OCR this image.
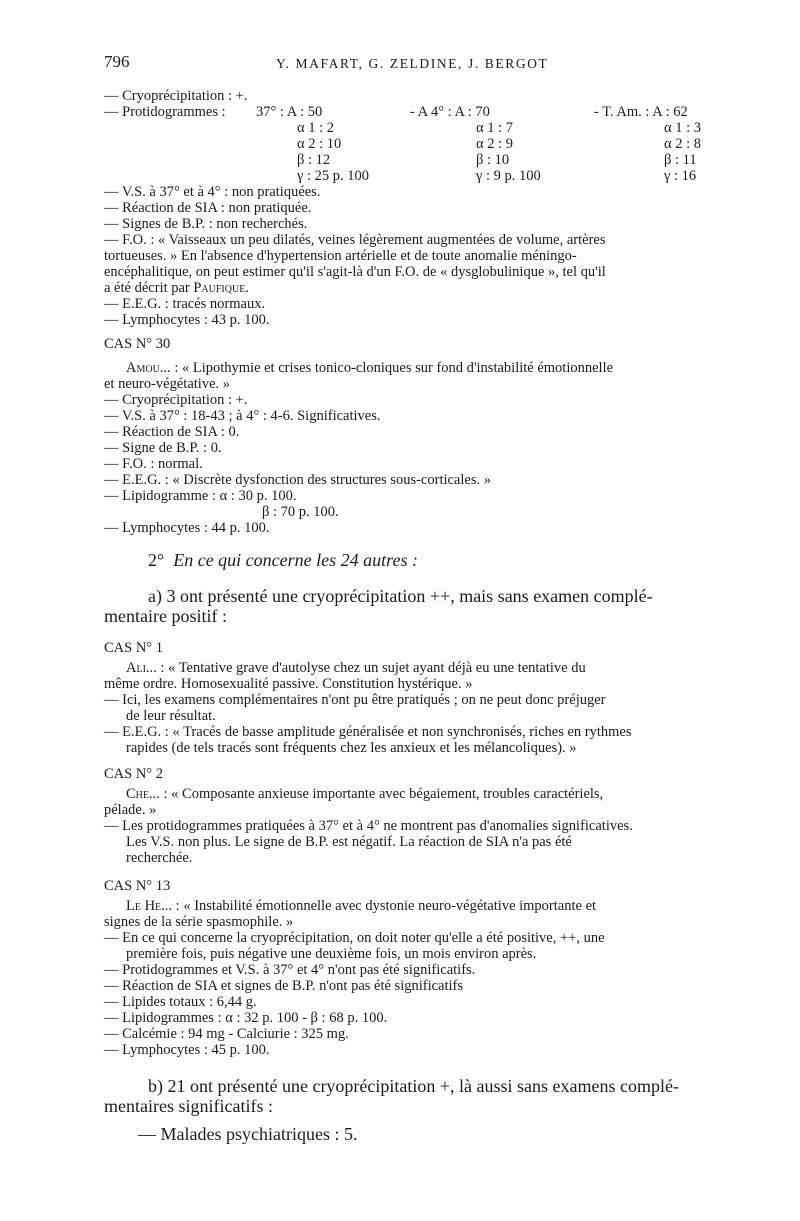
796	Y. MAFART, G. ZELDINE, J. BERGOT
— Cryoprécipitation : +.
— Protidogrammes : 37° : A : 50
α 1 : 2
α 2 : 10
β : 12
γ : 25 p. 100
- A 4° : A : 70
α 1 : 7
α 2 : 9
β : 10
γ : 9 p. 100
- T. Am. : A : 62
α 1 : 3
α 2 : 8
β : 11
γ : 16
— V.S. à 37° et à 4° : non pratiquées.
— Réaction de SIA : non pratiquée.
— Signes de B.P. : non recherchés.
— F.O. : « Vaisseaux un peu dilatés, veines légèrement augmentées de volume, artères
tortueuses. » En l'absence d'hypertension artérielle et de toute anomalie méningo-
encéphalitique, on peut estimer qu'il s'agit-là d'un F.O. de « dysglobulinique », tel qu'il
a été décrit par Paufique.
— E.E.G. : tracés normaux.
— Lymphocytes : 43 p. 100.
CAS N° 30
Amou... : « Lipothymie et crises tonico-cloniques sur fond d'instabilité émotionnelle
et neuro-végétative. »
— Cryoprécipitation : +.
— V.S. à 37° : 18-43 ; à 4° : 4-6. Significatives.
— Réaction de SIA : 0.
— Signe de B.P. : 0.
— F.O. : normal.
— E.E.G. : « Discrète dysfonction des structures sous-corticales. »
— Lipidogramme : α : 30 p. 100.
β : 70 p. 100.
— Lymphocytes : 44 p. 100.
2° En ce qui concerne les 24 autres :
a) 3 ont présenté une cryoprécipitation ++, mais sans examen complé-
mentaire positif :
CAS N° 1
Ali... : « Tentative grave d'autolyse chez un sujet ayant déjà eu une tentative du
même ordre. Homosexualité passive. Constitution hystérique. »
— Ici, les examens complémentaires n'ont pu être pratiqués ; on ne peut donc préjuger
de leur résultat.
— E.E.G. : « Tracés de basse amplitude généralisée et non synchronisés, riches en rythmes
rapides (de tels tracés sont fréquents chez les anxieux et les mélancoliques). »
CAS N° 2
Che... : « Composante anxieuse importante avec bégaiement, troubles caractériels,
pélade. »
— Les protidogrammes pratiquées à 37° et à 4° ne montrent pas d'anomalies significatives.
Les V.S. non plus. Le signe de B.P. est négatif. La réaction de SIA n'a pas été
recherchée.
CAS N° 13
Le He... : « Instabilité émotionnelle avec dystonie neuro-végétative importante et
signes de la série spasmophile. »
— En ce qui concerne la cryoprécipitation, on doit noter qu'elle a été positive, ++, une
première fois, puis négative une deuxième fois, un mois environ après.
— Protidogrammes et V.S. à 37° et 4° n'ont pas été significatifs.
— Réaction de SIA et signes de B.P. n'ont pas été significatifs
— Lipides totaux : 6,44 g.
— Lipidogrammes : α : 32 p. 100 - β : 68 p. 100.
— Calcémie : 94 mg - Calciurie : 325 mg.
— Lymphocytes : 45 p. 100.
b) 21 ont présenté une cryoprécipitation +, là aussi sans examens complé-
mentaires significatifs :
— Malades psychiatriques : 5.
